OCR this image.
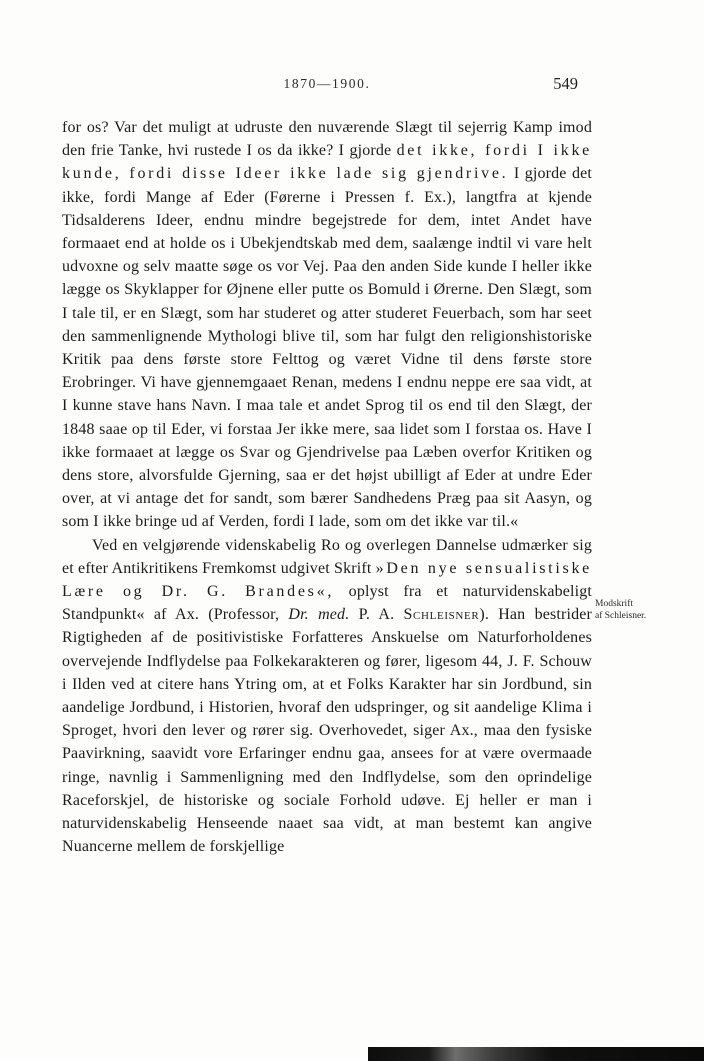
1870—1900.	549

for os? Var det muligt at udruste den nuværende Slægt til sejerrig Kamp imod den frie Tanke, hvi rustede I os da ikke? I gjorde det ikke, fordi I ikke kunde, fordi disse Ideer ikke lade sig gjendrive. I gjorde det ikke, fordi Mange af Eder (Førerne i Pressen f. Ex.), langtfra at kjende Tidsalderens Ideer, endnu mindre begejstrede for dem, intet Andet have formaaet end at holde os i Ubekjendtskab med dem, saalænge indtil vi vare helt udvoxne og selv maatte søge os vor Vej. Paa den anden Side kunde I heller ikke lægge os Skyklapper for Øjnene eller putte os Bomuld i Ørerne. Den Slægt, som I tale til, er en Slægt, som har studeret og atter studeret Feuerbach, som har seet den sammenlignende Mythologi blive til, som har fulgt den religionshistoriske Kritik paa dens første store Felttog og været Vidne til dens første store Erobringer. Vi have gjennemgaaet Renan, medens I endnu neppe ere saa vidt, at I kunne stave hans Navn. I maa tale et andet Sprog til os end til den Slægt, der 1848 saae op til Eder, vi forstaa Jer ikke mere, saa lidet som I forstaa os. Have I ikke formaaet at lægge os Svar og Gjendrivelse paa Læben overfor Kritiken og dens store, alvorsfulde Gjerning, saa er det højst ubilligt af Eder at undre Eder over, at vi antage det for sandt, som bærer Sandhedens Præg paa sit Aasyn, og som I ikke bringe ud af Verden, fordi I lade, som om det ikke var til.«

Ved en velgjørende videnskabelig Ro og overlegen Dannelse udmærker sig et efter Antikritikens Fremkomst udgivet Skrift »Den nye sensualistiske Lære og Dr. G. Brandes«, oplyst fra et naturvidenskabeligt Standpunkt« af Ax. (Professor, Dr. med. P. A. Schleisner). Han bestrider Rigtigheden af de positivistiske Forfatteres Anskuelse om Naturforholdenes overvejende Indflydelse paa Folkekarakteren og fører, ligesom 44, J. F. Schouw i Ilden ved at citere hans Ytring om, at et Folks Karakter har sin Jordbund, sin aandelige Jordbund, i Historien, hvoraf den udspringer, og sit aandelige Klima i Sproget, hvori den lever og rører sig. Overhovedet, siger Ax., maa den fysiske Paavirkning, saavidt vore Erfaringer endnu gaa, ansees for at være overmaade ringe, navnlig i Sammenligning med den Indflydelse, som den oprindelige Raceforskjel, de historiske og sociale Forhold udøve. Ej heller er man i naturvidenskabelig Henseende naaet saa vidt, at man bestemt kan angive Nuancerne mellem de forskjellige

Modskrift
af Schleisner.
